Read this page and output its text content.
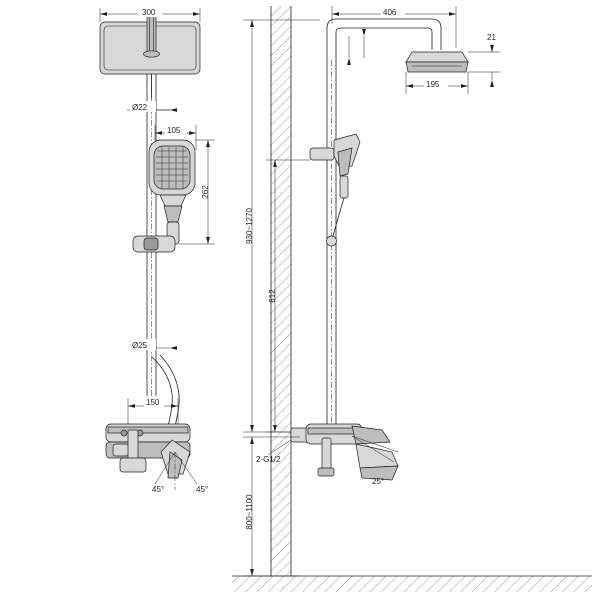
300
Ø22
105
262
Ø25
150
45°	45°
406
21
195
930~1270
812
2-G1/2
800~1100
25°
